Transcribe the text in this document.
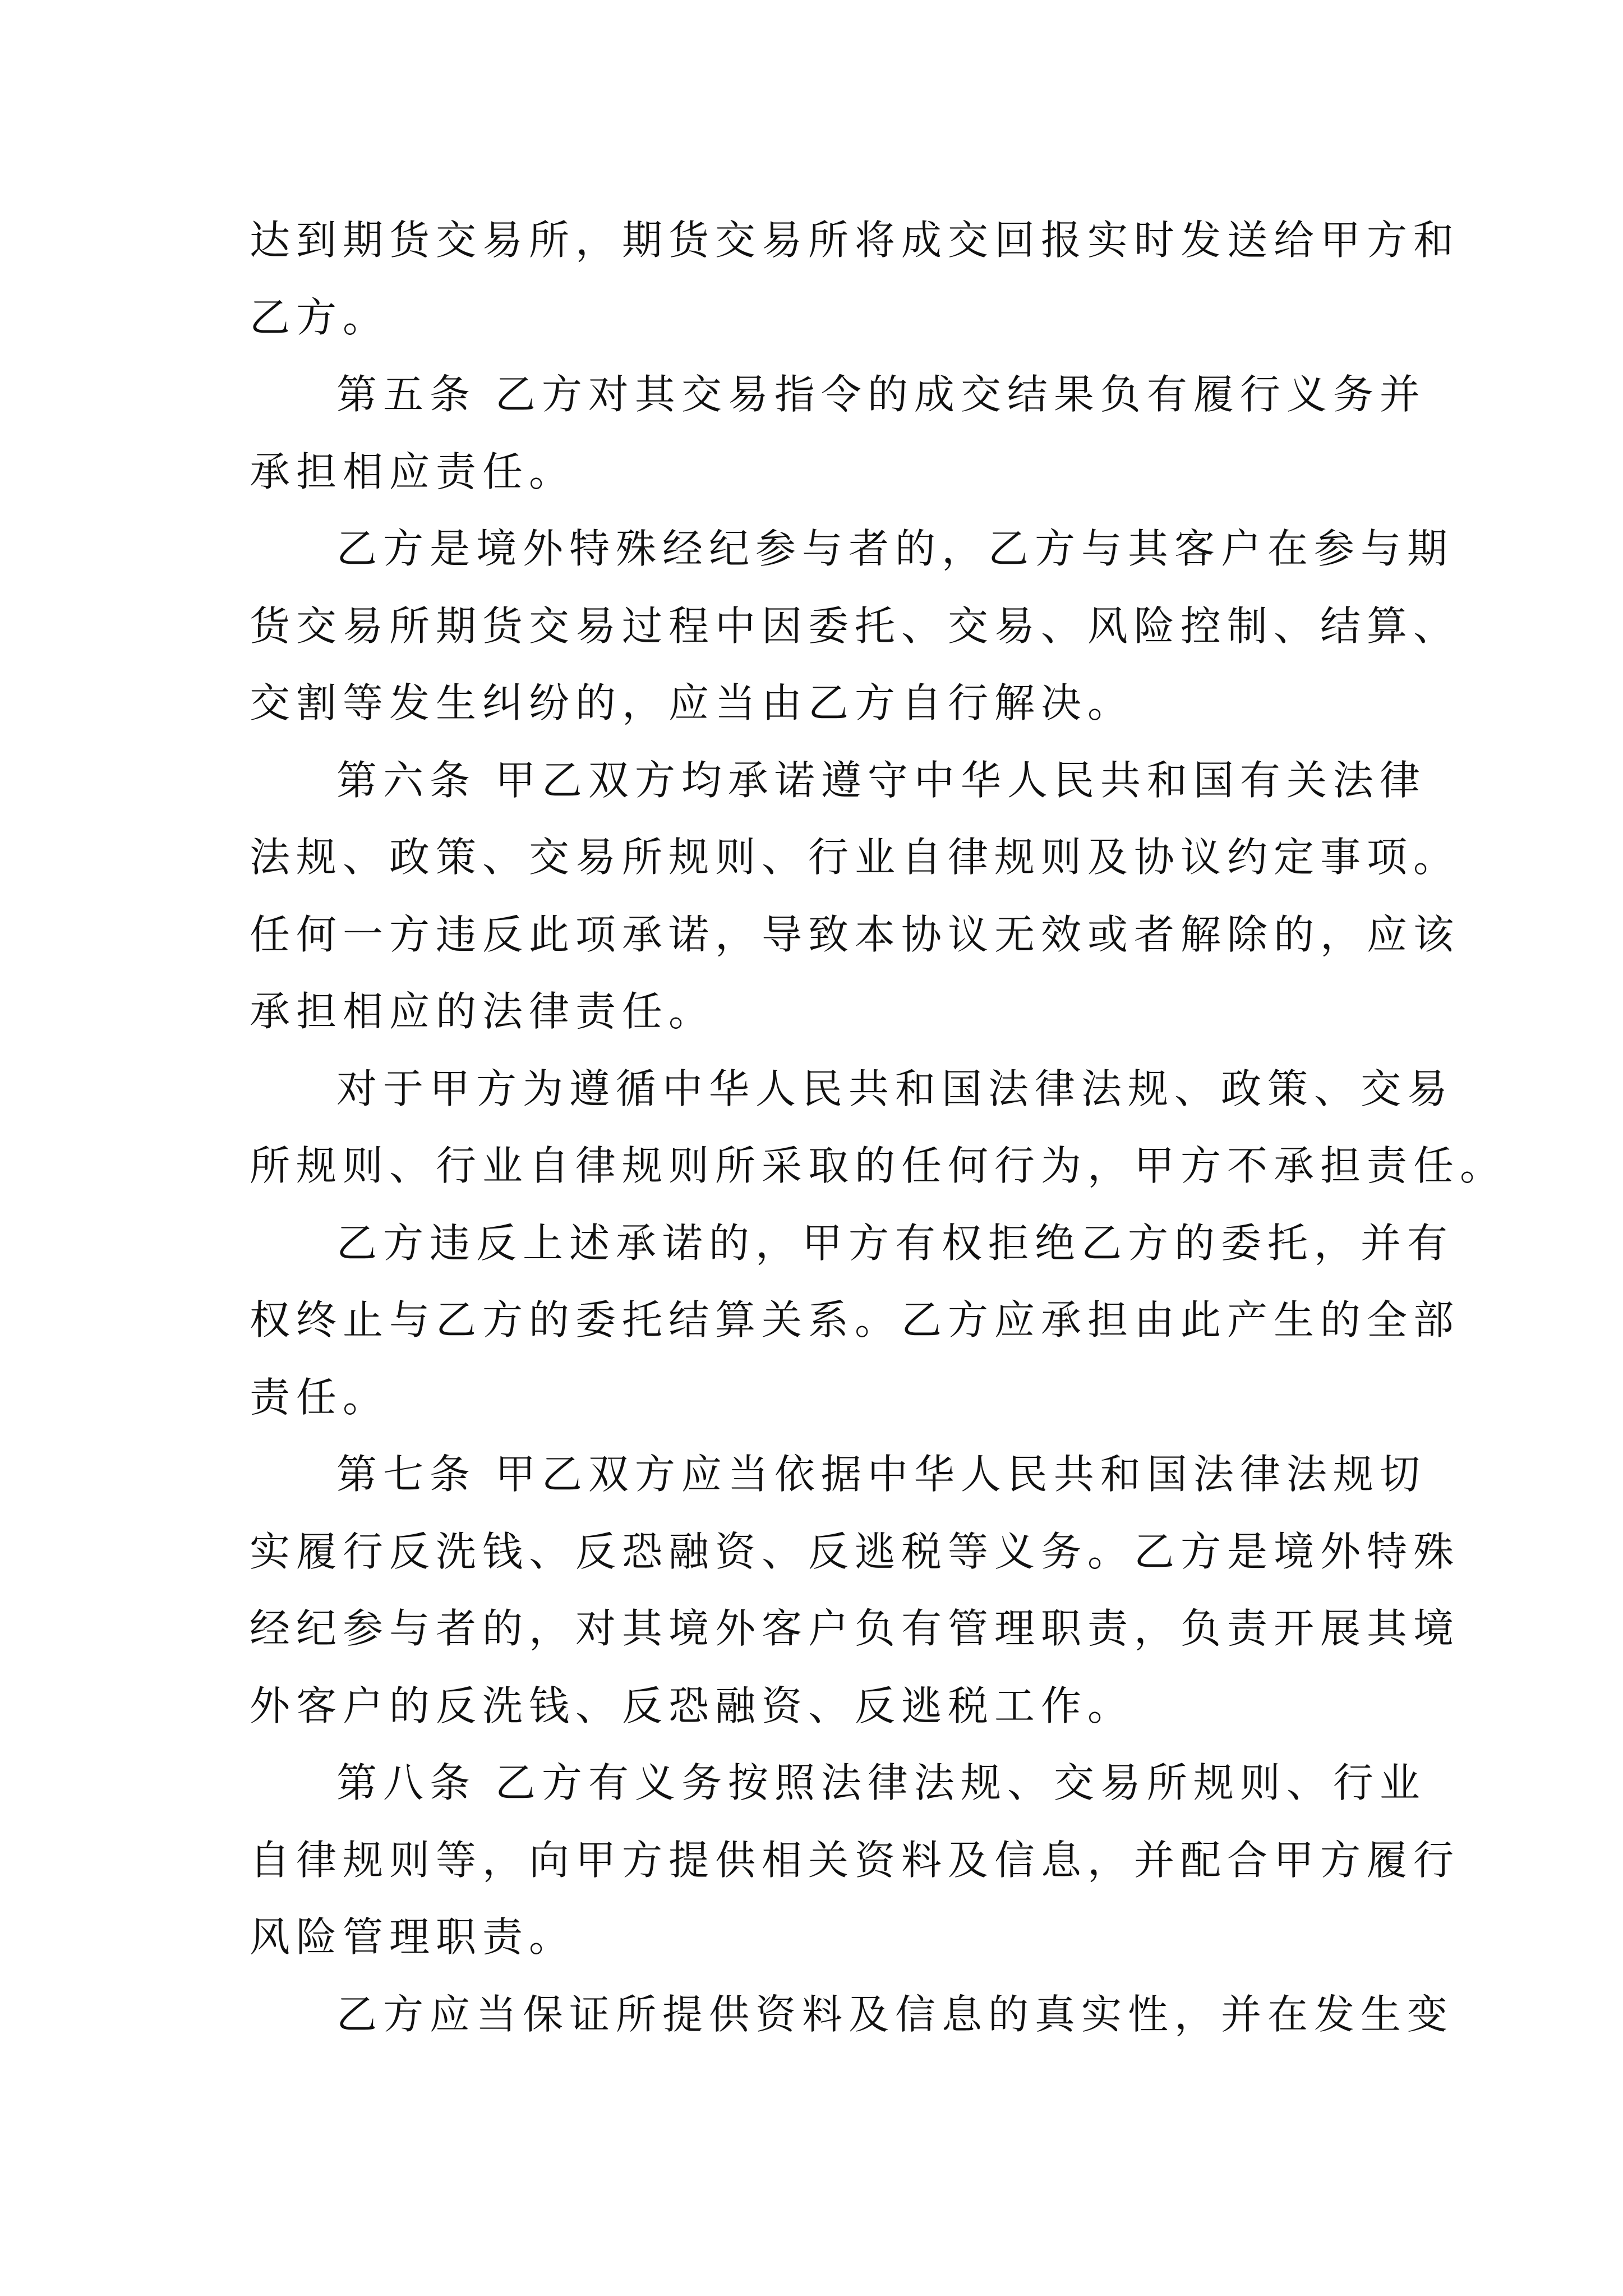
达到期货交易所，期货交易所将成交回报实时发送给甲方和

乙方。

第五条 乙方对其交易指令的成交结果负有履行义务并

承担相应责任。

乙方是境外特殊经纪参与者的，乙方与其客户在参与期

货交易所期货交易过程中因委托、交易、风险控制、结算、

交割等发生纠纷的，应当由乙方自行解决。

第六条 甲乙双方均承诺遵守中华人民共和国有关法律

法规、政策、交易所规则、行业自律规则及协议约定事项。

任何一方违反此项承诺，导致本协议无效或者解除的，应该

承担相应的法律责任。

对于甲方为遵循中华人民共和国法律法规、政策、交易

所规则、行业自律规则所采取的任何行为，甲方不承担责任。

乙方违反上述承诺的，甲方有权拒绝乙方的委托，并有

权终止与乙方的委托结算关系。乙方应承担由此产生的全部

责任。

第七条 甲乙双方应当依据中华人民共和国法律法规切

实履行反洗钱、反恐融资、反逃税等义务。乙方是境外特殊

经纪参与者的，对其境外客户负有管理职责，负责开展其境

外客户的反洗钱、反恐融资、反逃税工作。

第八条 乙方有义务按照法律法规、交易所规则、行业

自律规则等，向甲方提供相关资料及信息，并配合甲方履行

风险管理职责。

乙方应当保证所提供资料及信息的真实性，并在发生变
